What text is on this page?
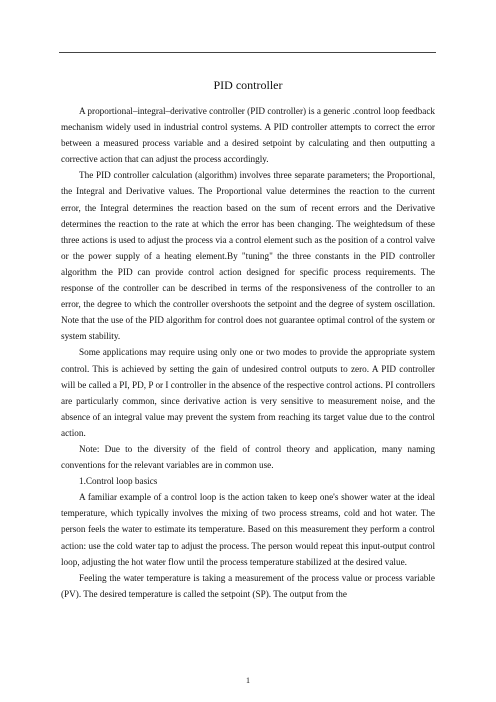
PID controller

A proportional–integral–derivative controller (PID controller) is a generic .control loop feedback mechanism widely used in industrial control systems. A PID controller attempts to correct the error between a measured process variable and a desired setpoint by calculating and then outputting a corrective action that can adjust the process accordingly.

The PID controller calculation (algorithm) involves three separate parameters; the Proportional, the Integral and Derivative values. The Proportional value determines the reaction to the current error, the Integral determines the reaction based on the sum of recent errors and the Derivative determines the reaction to the rate at which the error has been changing. The weightedsum of these three actions is used to adjust the process via a control element such as the position of a control valve or the power supply of a heating element.By "tuning" the three constants in the PID controller algorithm the PID can provide control action designed for specific process requirements. The response of the controller can be described in terms of the responsiveness of the controller to an error, the degree to which the controller overshoots the setpoint and the degree of system oscillation. Note that the use of the PID algorithm for control does not guarantee optimal control of the system or system stability.

Some applications may require using only one or two modes to provide the appropriate system control. This is achieved by setting the gain of undesired control outputs to zero. A PID controller will be called a PI, PD, P or I controller in the absence of the respective control actions. PI controllers are particularly common, since derivative action is very sensitive to measurement noise, and the absence of an integral value may prevent the system from reaching its target value due to the control action.

Note: Due to the diversity of the field of control theory and application, many naming conventions for the relevant variables are in common use.

1.Control loop basics

A familiar example of a control loop is the action taken to keep one's shower water at the ideal temperature, which typically involves the mixing of two process streams, cold and hot water. The person feels the water to estimate its temperature. Based on this measurement they perform a control action: use the cold water tap to adjust the process. The person would repeat this input-output control loop, adjusting the hot water flow until the process temperature stabilized at the desired value.

Feeling the water temperature is taking a measurement of the process value or process variable (PV). The desired temperature is called the setpoint (SP). The output from the

1
